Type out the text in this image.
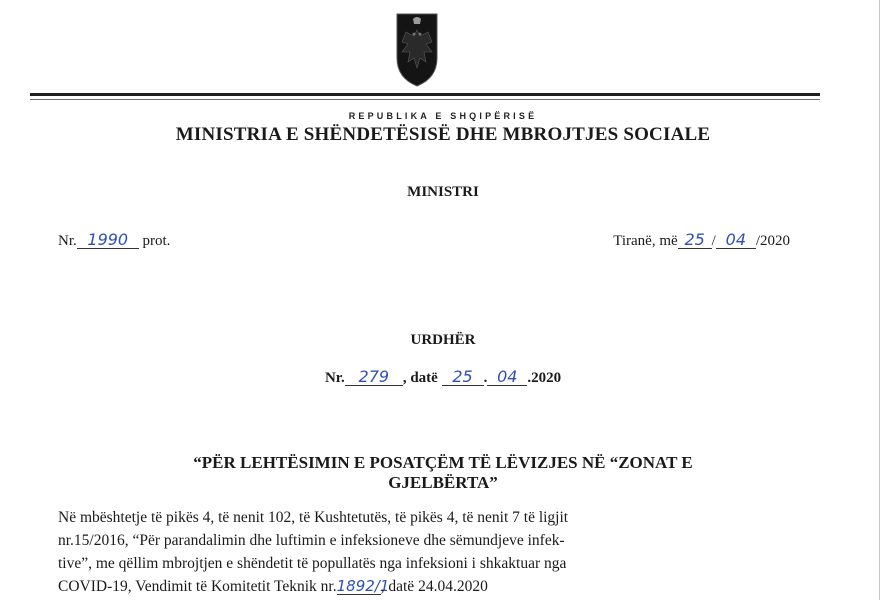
REPUBLIKA E SHQIPËRISË
MINISTRIA E SHËNDETËSISË DHE MBROJTJES SOCIALE
MINISTRI
Nr. 1990 prot.	Tiranë, më 25 / 04 /2020
URDHËR
Nr. 279 , datë 25 . 04 .2020
“PËR LEHTËSIMIN E POSATÇËM TË LËVIZJES NË “ZONAT E
GJELBËRTA”
Në mbështetje të pikës 4, të nenit 102, të Kushtetutës, të pikës 4, të nenit 7 të ligjit
nr.15/2016, “Për parandalimin dhe luftimin e infeksioneve dhe sëmundjeve infek-
tive”, me qëllim mbrojtjen e shëndetit të popullatës nga infeksioni i shkaktuar nga
COVID-19, Vendimit të Komitetit Teknik nr.1892/1, datë 24.04.2020
